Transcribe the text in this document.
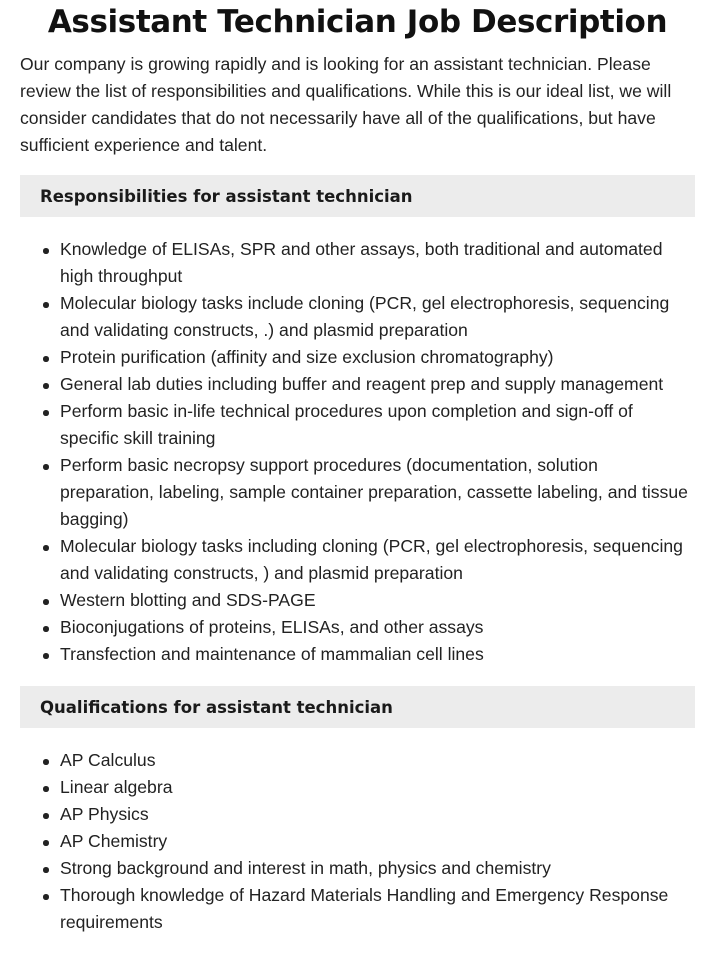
Assistant Technician Job Description

Our company is growing rapidly and is looking for an assistant technician. Please review the list of responsibilities and qualifications. While this is our ideal list, we will consider candidates that do not necessarily have all of the qualifications, but have sufficient experience and talent.

Responsibilities for assistant technician
Knowledge of ELISAs, SPR and other assays, both traditional and automated high throughput
Molecular biology tasks include cloning (PCR, gel electrophoresis, sequencing and validating constructs, .) and plasmid preparation
Protein purification (affinity and size exclusion chromatography)
General lab duties including buffer and reagent prep and supply management
Perform basic in-life technical procedures upon completion and sign-off of specific skill training
Perform basic necropsy support procedures (documentation, solution preparation, labeling, sample container preparation, cassette labeling, and tissue bagging)
Molecular biology tasks including cloning (PCR, gel electrophoresis, sequencing and validating constructs, ) and plasmid preparation
Western blotting and SDS-PAGE
Bioconjugations of proteins, ELISAs, and other assays
Transfection and maintenance of mammalian cell lines
Qualifications for assistant technician
AP Calculus
Linear algebra
AP Physics
AP Chemistry
Strong background and interest in math, physics and chemistry
Thorough knowledge of Hazard Materials Handling and Emergency Response requirements
